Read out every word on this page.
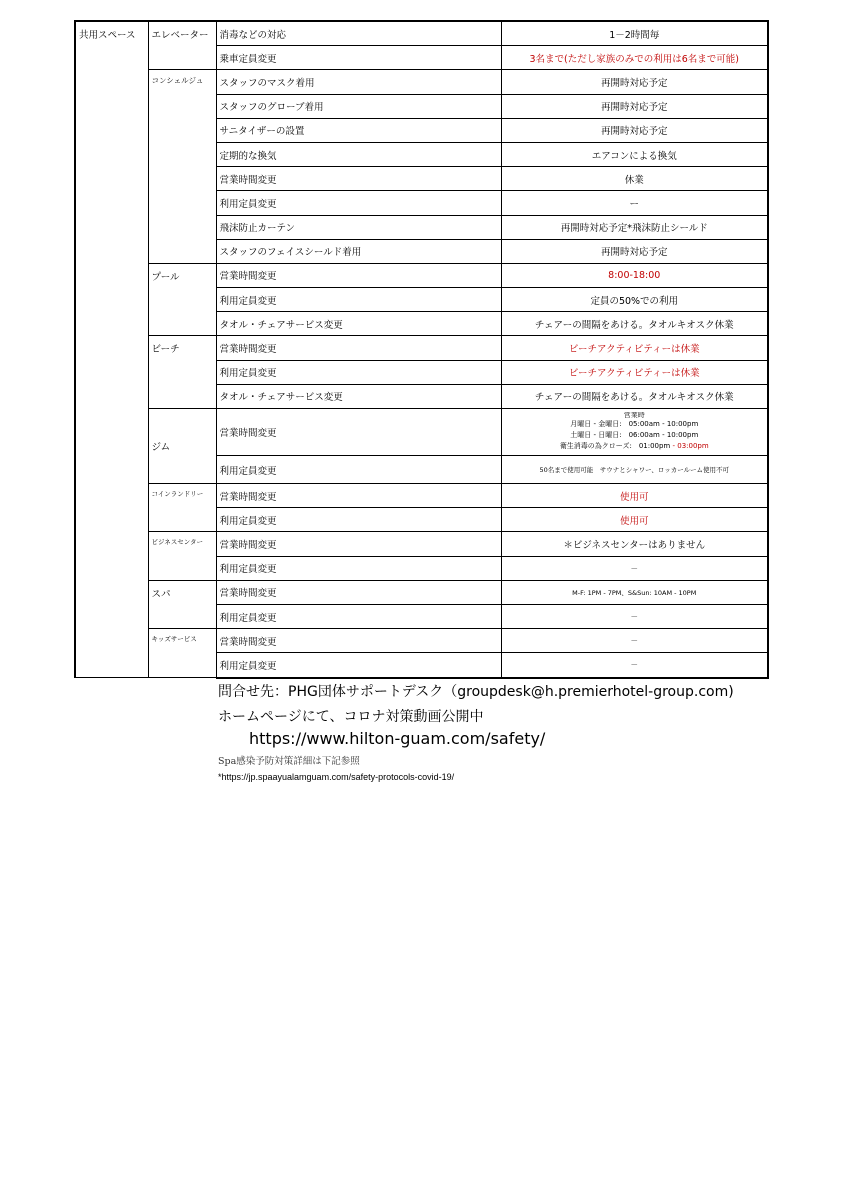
共用スペース	エレベーター	消毒などの対応	1－2時間毎
		乗車定員変更	3名まで(ただし家族のみでの利用は6名まで可能)
	コンシェルジュ	スタッフのマスク着用	再開時対応予定
		スタッフのグローブ着用	再開時対応予定
		サニタイザーの設置	再開時対応予定
		定期的な換気	エアコンによる換気
		営業時間変更	休業
		利用定員変更	ー
		飛沫防止カーテン	再開時対応予定*飛沫防止シールド
		スタッフのフェイスシールド着用	再開時対応予定
	プール	営業時間変更	8:00-18:00
		利用定員変更	定員の50%での利用
		タオル・チェアサービス変更	チェアーの間隔をあける。タオルキオスク休業
	ビーチ	営業時間変更	ビーチアクティビティーは休業
		利用定員変更	ビーチアクティビティーは休業
		タオル・チェアサービス変更	チェアーの間隔をあける。タオルキオスク休業
	ジム	営業時間変更	営業時
月曜日 - 金曜日:　05:00am - 10:00pm
土曜日 - 日曜日:　06:00am - 10:00pm
衛生消毒の為クローズ:　01:00pm - 03:00pm

		利用定員変更	50名まで使用可能　サウナとシャワー、ロッカールーム使用不可
	コインランドリー	営業時間変更	使用可
		利用定員変更	使用可
	ビジネスセンター	営業時間変更	＊ビジネスセンターはありません
		利用定員変更	－
	スパ	営業時間変更	M-F: 1PM - 7PM、S&Sun: 10AM - 10PM
		利用定員変更	－
	キッズサービス	営業時間変更	－
		利用定員変更	－
問合せ先：PHG団体サポートデスク（groupdesk@h.premierhotel-group.com)
ホームページにて、コロナ対策動画公開中
https://www.hilton-guam.com/safety/
Spa感染予防対策詳細は下記参照
*https://jp.spaayualamguam.com/safety-protocols-covid-19/
